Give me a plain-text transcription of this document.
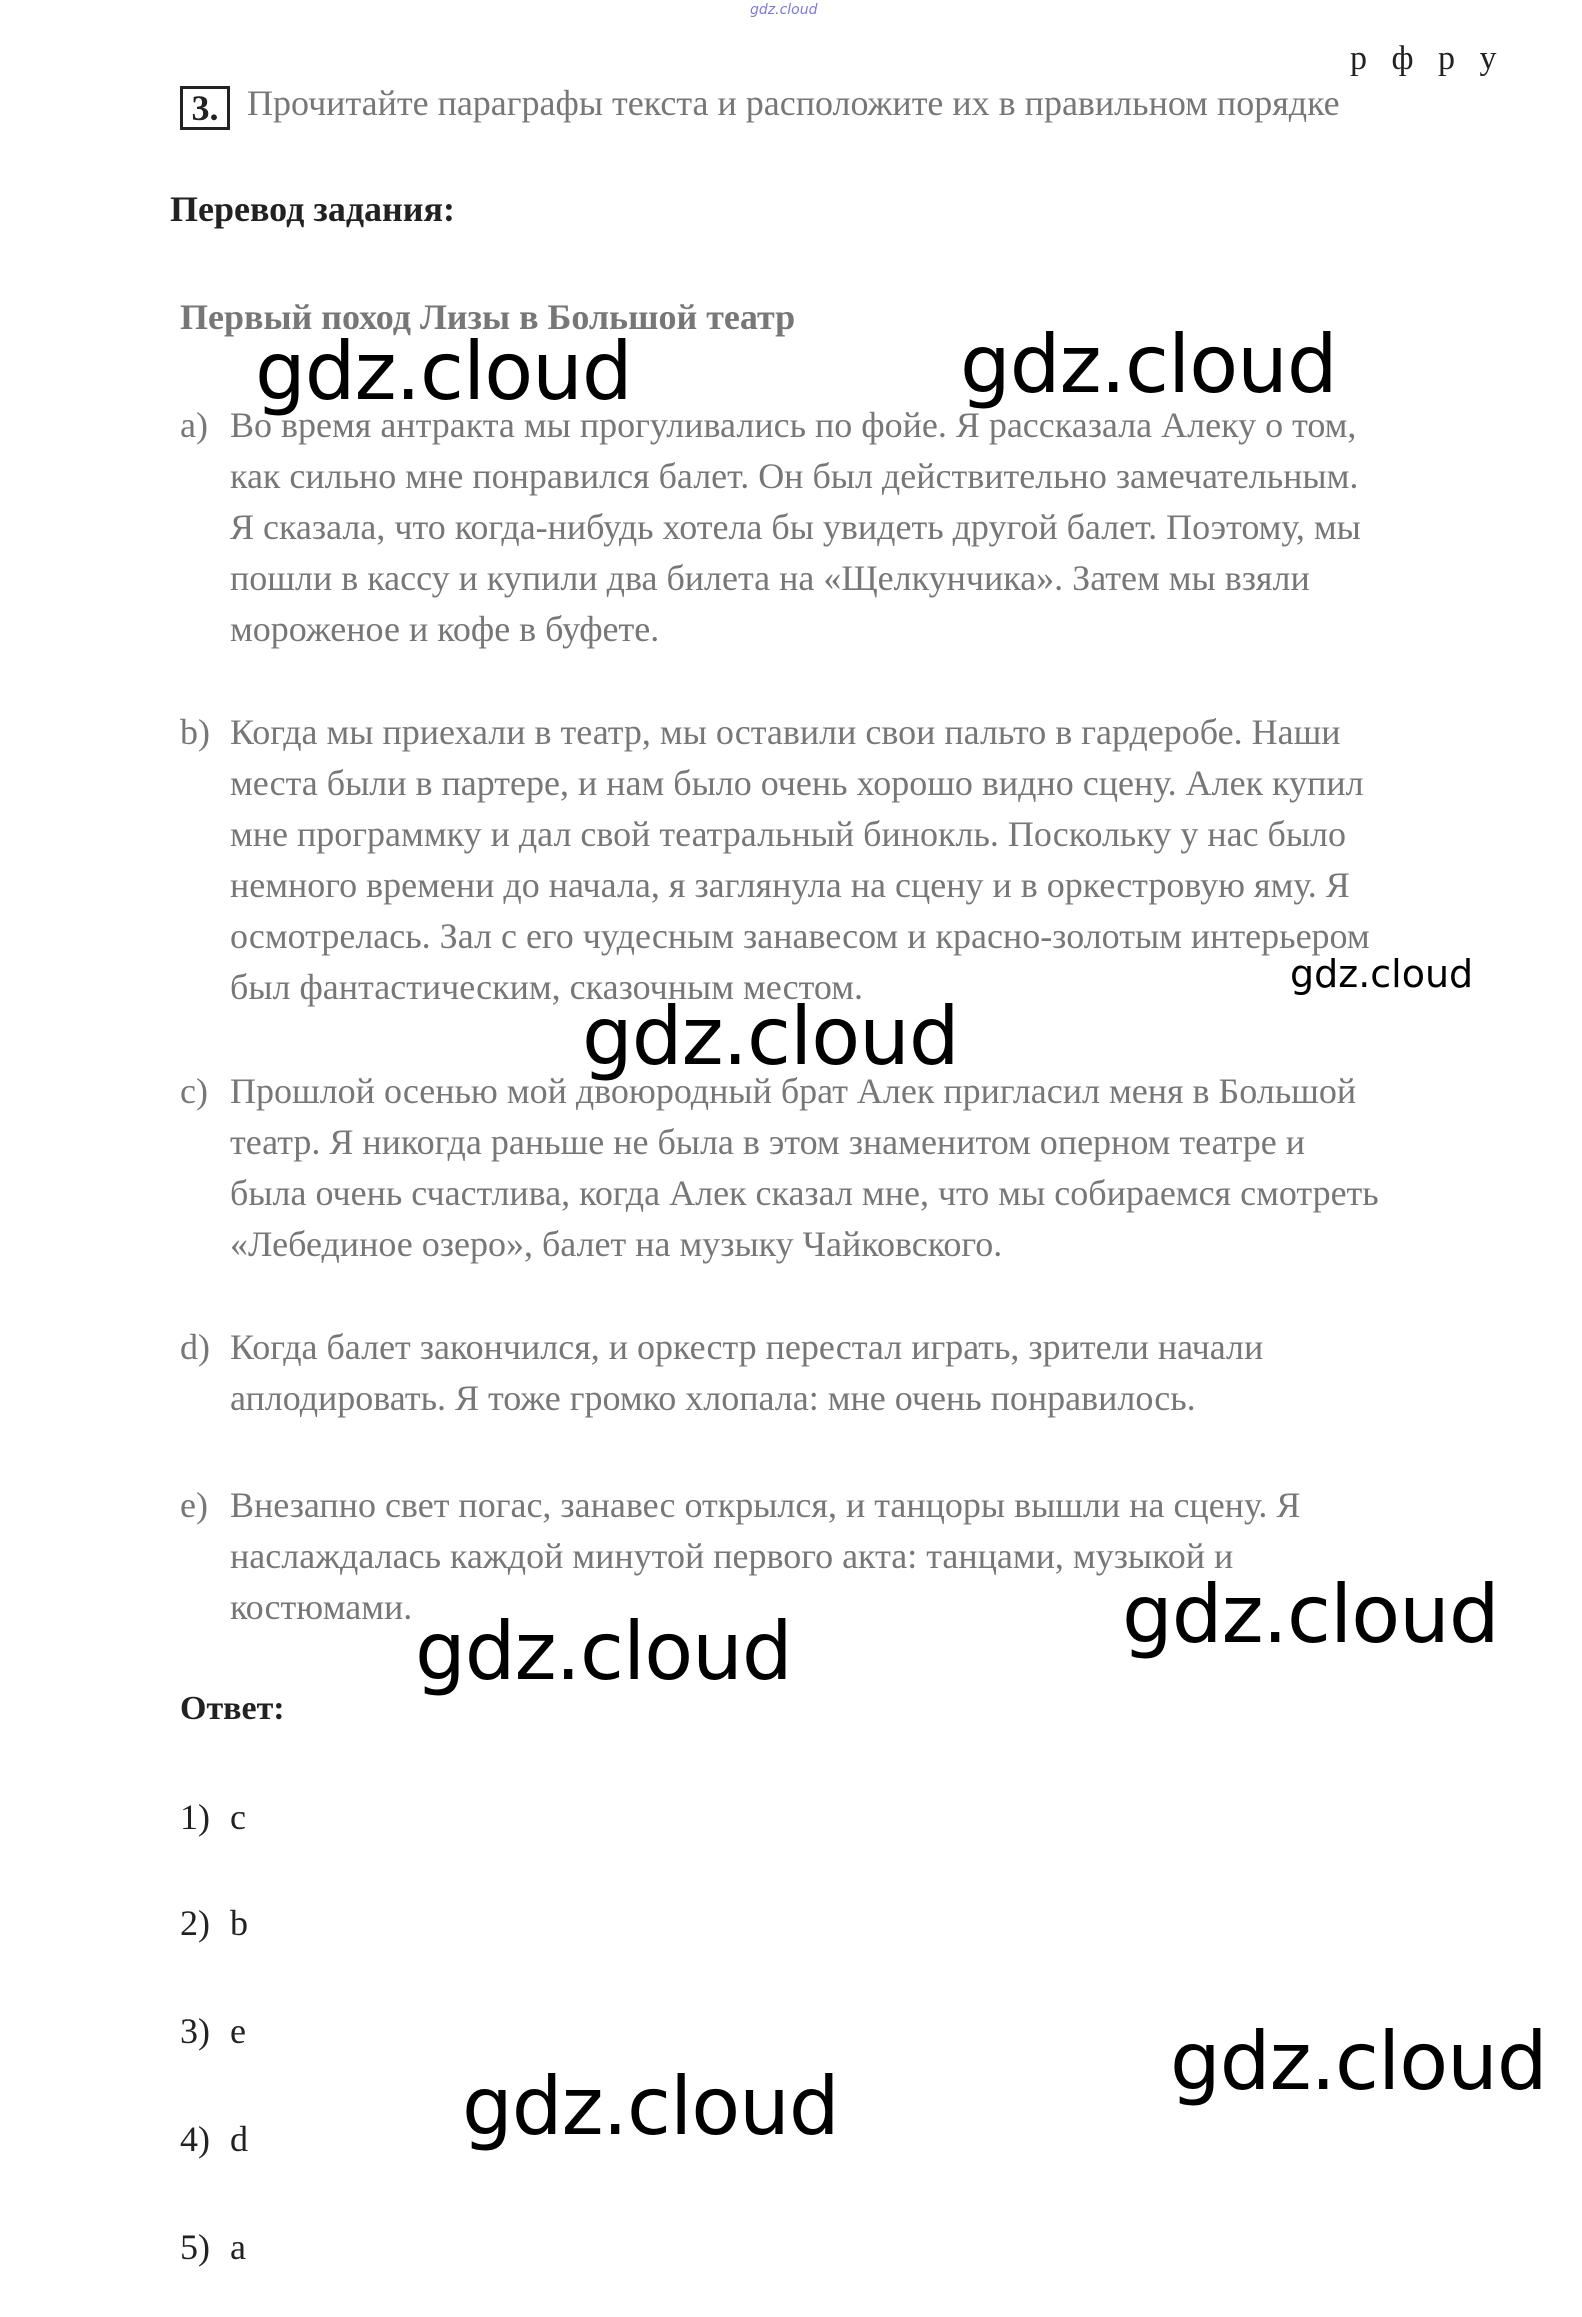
gdz.cloud
р ф р у
3. Прочитайте параграфы текста и расположите их в правильном порядке
Перевод задания:
Первый поход Лизы в Большой театр
a) Во время антракта мы прогуливались по фойе. Я рассказала Алеку о том,
как сильно мне понравился балет. Он был действительно замечательным.
Я сказала, что когда-нибудь хотела бы увидеть другой балет. Поэтому, мы
пошли в кассу и купили два билета на «Щелкунчика». Затем мы взяли
мороженое и кофе в буфете.
b) Когда мы приехали в театр, мы оставили свои пальто в гардеробе. Наши
места были в партере, и нам было очень хорошо видно сцену. Алек купил
мне программку и дал свой театральный бинокль. Поскольку у нас было
немного времени до начала, я заглянула на сцену и в оркестровую яму. Я
осмотрелась. Зал с его чудесным занавесом и красно-золотым интерьером
был фантастическим, сказочным местом.
c) Прошлой осенью мой двоюродный брат Алек пригласил меня в Большой
театр. Я никогда раньше не была в этом знаменитом оперном театре и
была очень счастлива, когда Алек сказал мне, что мы собираемся смотреть
«Лебединое озеро», балет на музыку Чайковского.
d) Когда балет закончился, и оркестр перестал играть, зрители начали
аплодировать. Я тоже громко хлопала: мне очень понравилось.
e) Внезапно свет погас, занавес открылся, и танцоры вышли на сцену. Я
наслаждалась каждой минутой первого акта: танцами, музыкой и
костюмами.
Ответ:
1) c
2) b
3) e
4) d
5) a
gdz.cloud	gdz.cloud
gdz.cloud
gdz.cloud
gdz.cloud
gdz.cloud
gdz.cloud
gdz.cloud
